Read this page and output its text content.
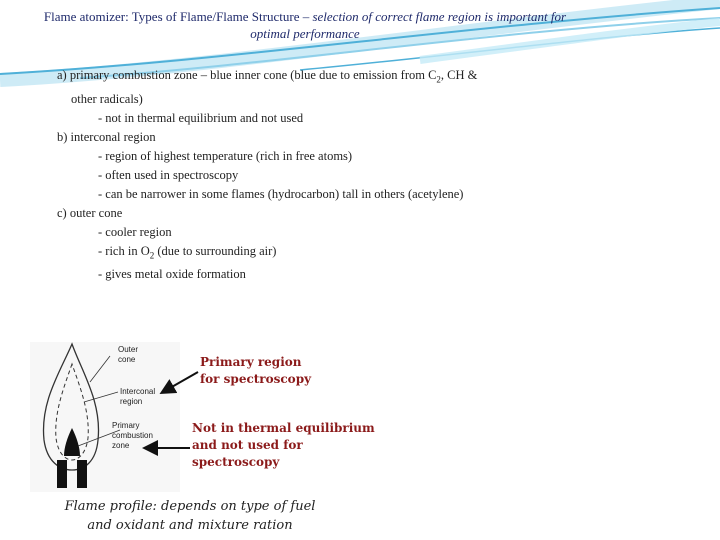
Flame atomizer: Types of Flame/Flame Structure – selection of correct flame region is important for
optimal performance
a) primary combustion zone – blue inner cone (blue due to emission from $C_2$, CH &
other radicals)
- not in thermal equilibrium and not used
b) interconal region
- region of highest temperature (rich in free atoms)
- often used in spectroscopy
- can be narrower in some flames (hydrocarbon) tall in others (acetylene)
c) outer cone
- cooler region
- rich in $O_2$ (due to surrounding air)
- gives metal oxide formation
Outer
cone
Interconal
region
Primary
combustion
zone
Primary region
for spectroscopy
Not in thermal equilibrium
and not used for
spectroscopy
Flame profile: depends on type of fuel
and oxidant and mixture ration
